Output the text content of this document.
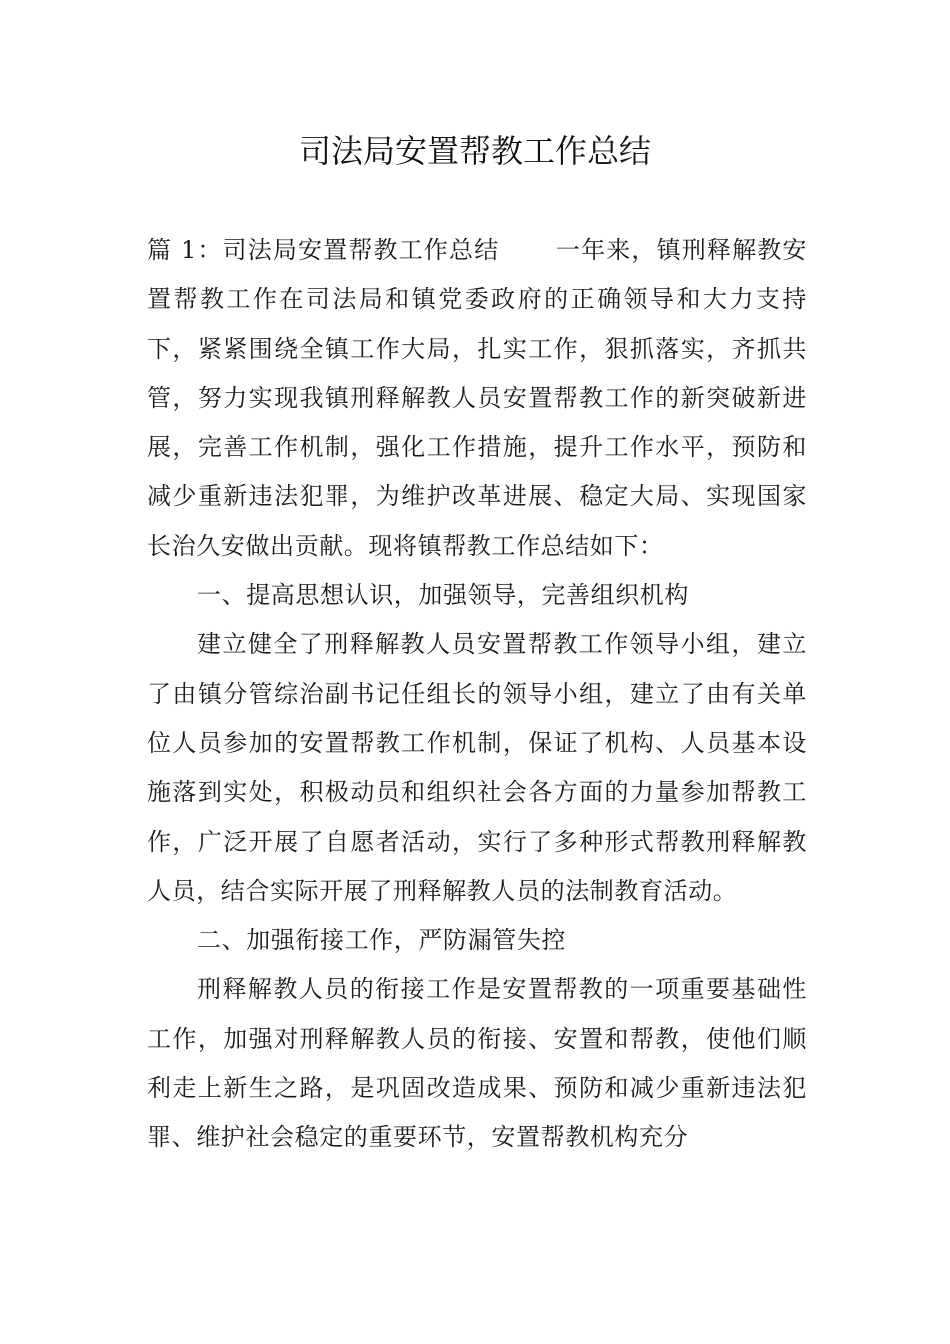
司法局安置帮教工作总结

篇 1：司法局安置帮教工作总结 一年来，镇刑释解教安置帮教工作在司法局和镇党委政府的正确领导和大力支持下，紧紧围绕全镇工作大局，扎实工作，狠抓落实，齐抓共管，努力实现我镇刑释解教人员安置帮教工作的新突破新进展，完善工作机制，强化工作措施，提升工作水平，预防和减少重新违法犯罪，为维护改革进展、稳定大局、实现国家长治久安做出贡献。现将镇帮教工作总结如下：

一、提高思想认识，加强领导，完善组织机构

建立健全了刑释解教人员安置帮教工作领导小组，建立了由镇分管综治副书记任组长的领导小组，建立了由有关单位人员参加的安置帮教工作机制，保证了机构、人员基本设施落到实处，积极动员和组织社会各方面的力量参加帮教工作，广泛开展了自愿者活动，实行了多种形式帮教刑释解教人员，结合实际开展了刑释解教人员的法制教育活动。

二、加强衔接工作，严防漏管失控

刑释解教人员的衔接工作是安置帮教的一项重要基础性工作，加强对刑释解教人员的衔接、安置和帮教，使他们顺利走上新生之路，是巩固改造成果、预防和减少重新违法犯罪、维护社会稳定的重要环节，安置帮教机构充分
